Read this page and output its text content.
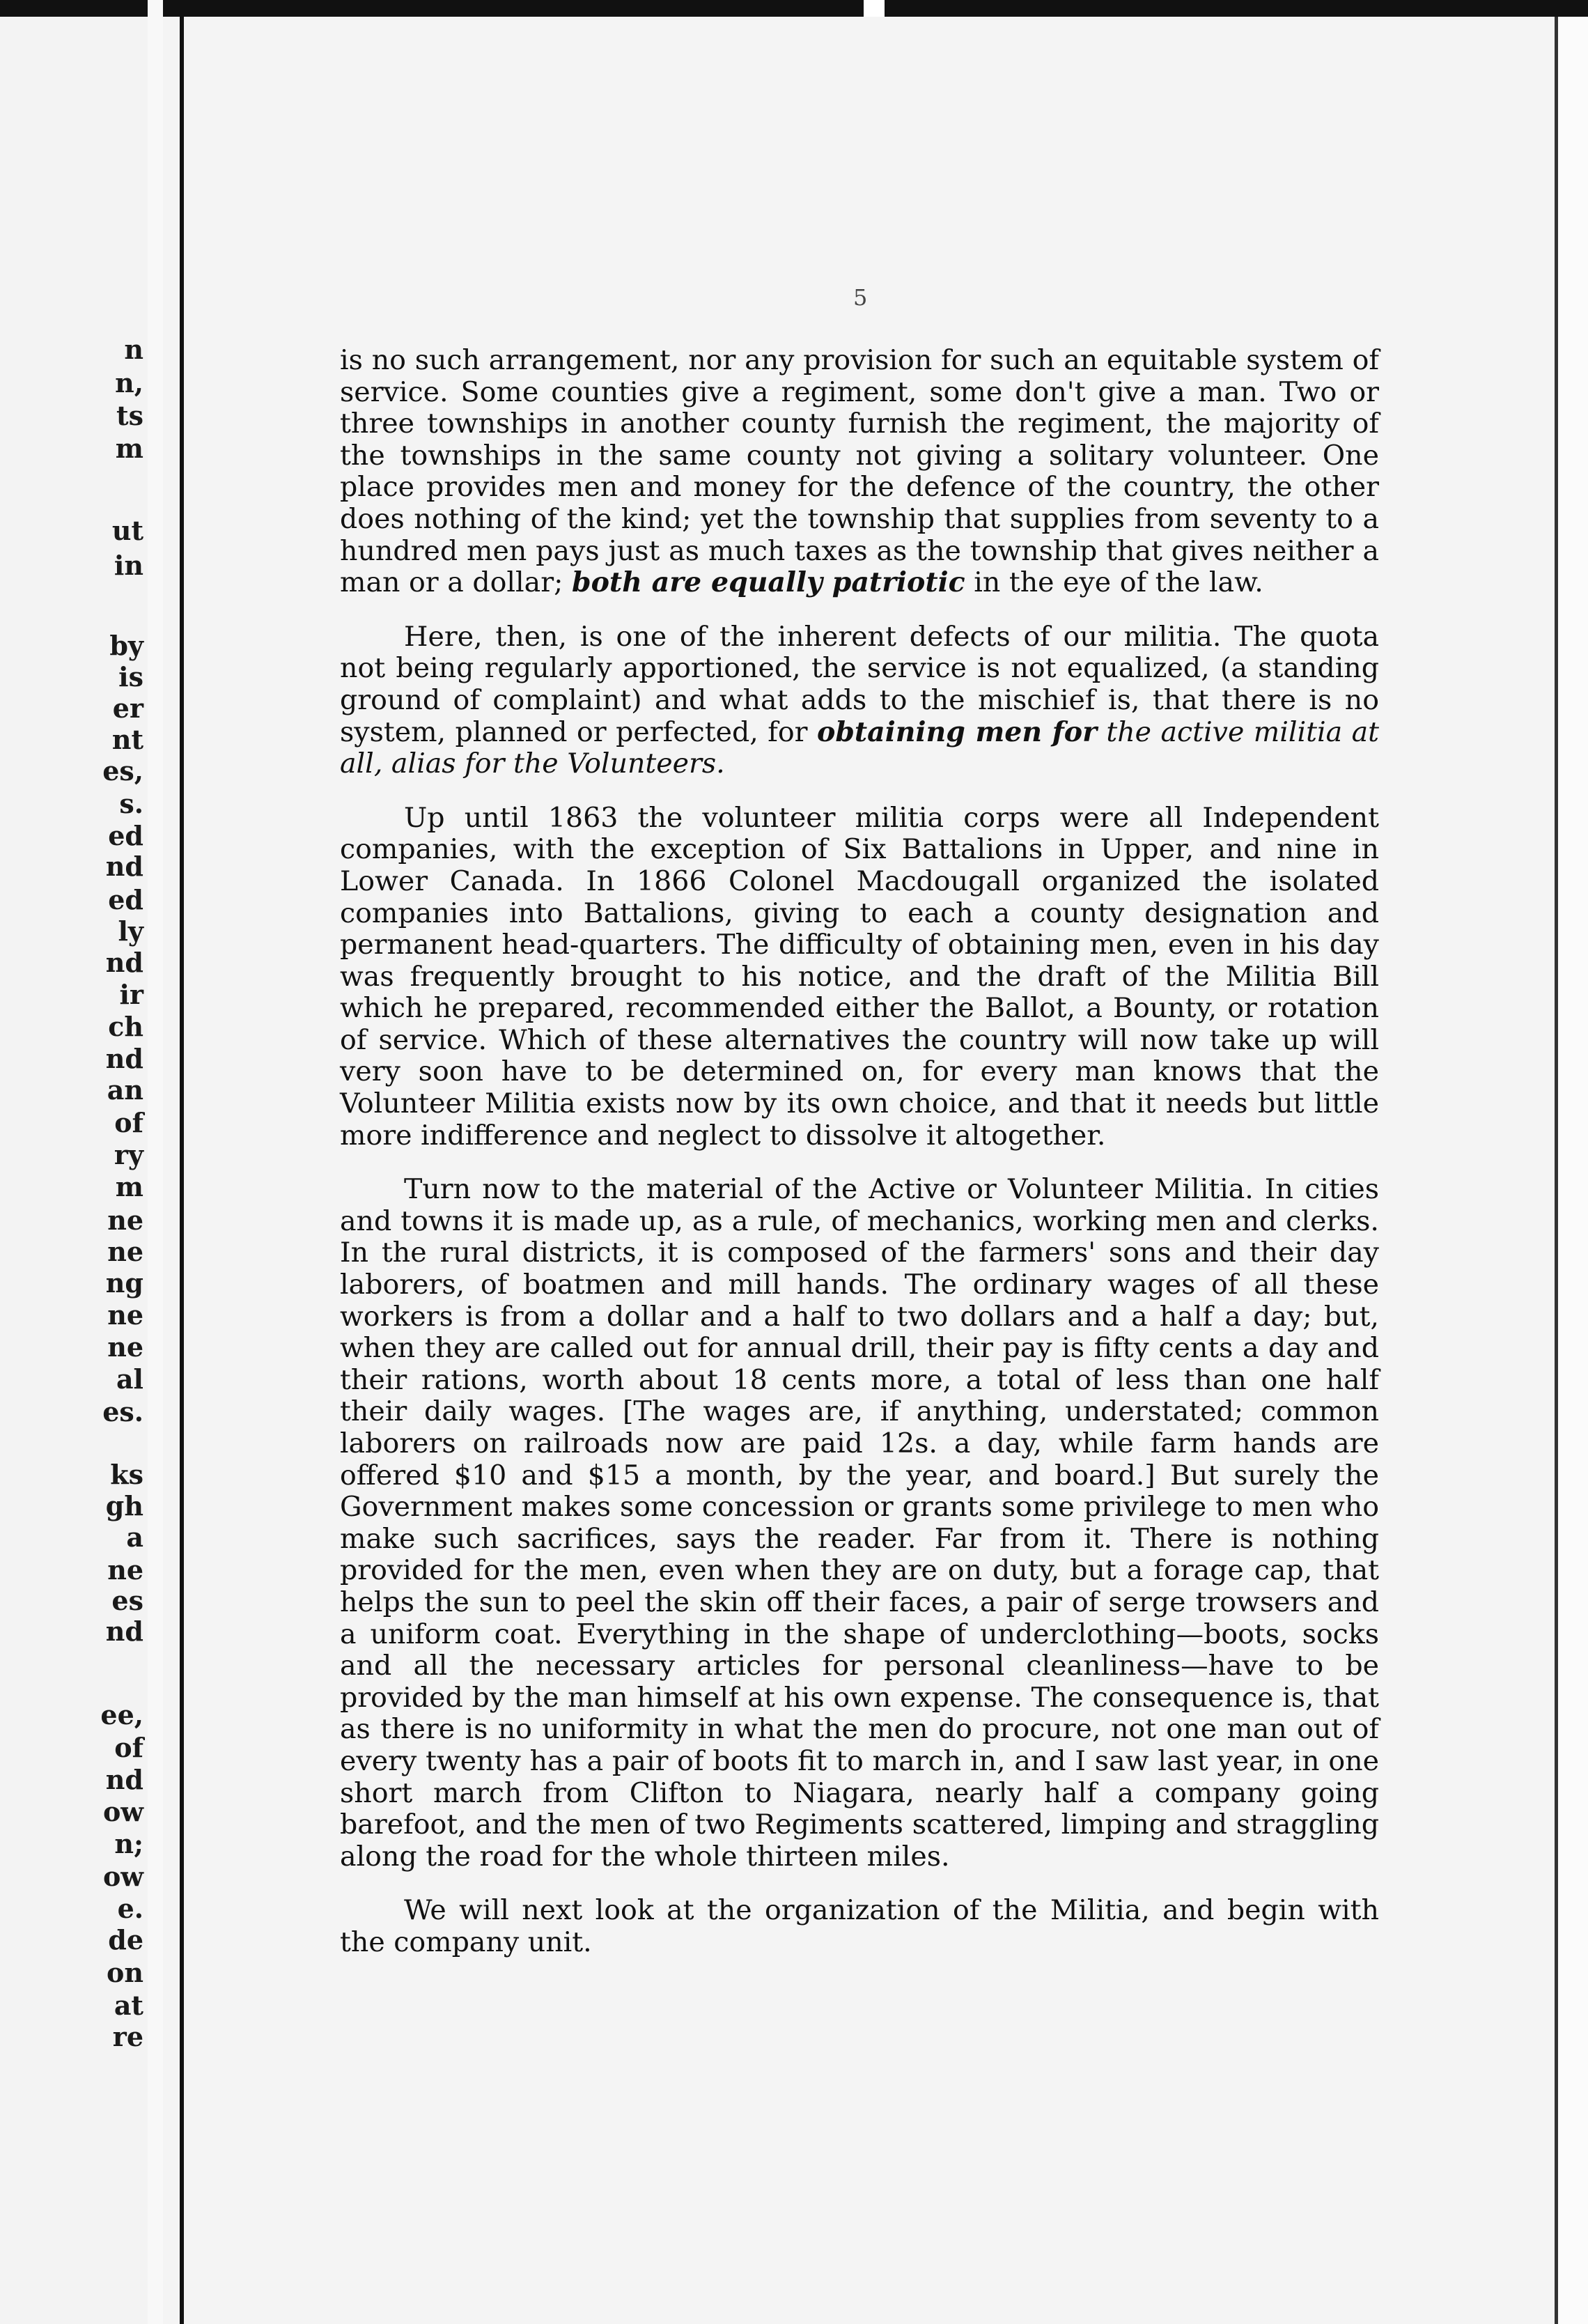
n
n,
ts
m
ut
in
by
is
er
nt
es,
s.
ed
nd
ed
ly
nd
ir
ch
nd
an
of
ry
m
ne
ne
ng
ne
ne
al
es.
ks
gh
a
ne
es
nd
ee,
of
nd
ow
n;
ow
e.
de
on
at
re
5

is no such arrangement, nor any provision for such an equitable system of service. Some counties give a regiment, some don't give a man. Two or three townships in another county furnish the regiment, the majority of the townships in the same county not giving a solitary volunteer. One place provides men and money for the defence of the country, the other does nothing of the kind; yet the township that supplies from seventy to a hundred men pays just as much taxes as the township that gives neither a man or a dollar; both are equally patriotic in the eye of the law.

Here, then, is one of the inherent defects of our militia. The quota not being regularly apportioned, the service is not equalized, (a standing ground of complaint) and what adds to the mischief is, that there is no system, planned or perfected, for obtaining men for the active militia at all, alias for the Volunteers.

Up until 1863 the volunteer militia corps were all Independent companies, with the exception of Six Battalions in Upper, and nine in Lower Canada. In 1866 Colonel Macdougall organized the isolated companies into Battalions, giving to each a county designation and permanent head-quarters. The difficulty of obtaining men, even in his day was frequently brought to his notice, and the draft of the Militia Bill which he prepared, recommended either the Ballot, a Bounty, or rotation of service. Which of these alternatives the country will now take up will very soon have to be determined on, for every man knows that the Volunteer Militia exists now by its own choice, and that it needs but little more indifference and neglect to dissolve it altogether.

Turn now to the material of the Active or Volunteer Militia. In cities and towns it is made up, as a rule, of mechanics, working men and clerks. In the rural districts, it is composed of the farmers' sons and their day laborers, of boatmen and mill hands. The ordinary wages of all these workers is from a dollar and a half to two dollars and a half a day; but, when they are called out for annual drill, their pay is fifty cents a day and their rations, worth about 18 cents more, a total of less than one half their daily wages. [The wages are, if anything, understated; common laborers on railroads now are paid 12s. a day, while farm hands are offered $10 and $15 a month, by the year, and board.] But surely the Government makes some concession or grants some privilege to men who make such sacrifices, says the reader. Far from it. There is nothing provided for the men, even when they are on duty, but a forage cap, that helps the sun to peel the skin off their faces, a pair of serge trowsers and a uniform coat. Everything in the shape of underclothing—boots, socks and all the necessary articles for personal cleanliness—have to be provided by the man himself at his own expense. The consequence is, that as there is no uniformity in what the men do procure, not one man out of every twenty has a pair of boots fit to march in, and I saw last year, in one short march from Clifton to Niagara, nearly half a company going barefoot, and the men of two Regiments scattered, limping and straggling along the road for the whole thirteen miles.

We will next look at the organization of the Militia, and begin with the company unit.
